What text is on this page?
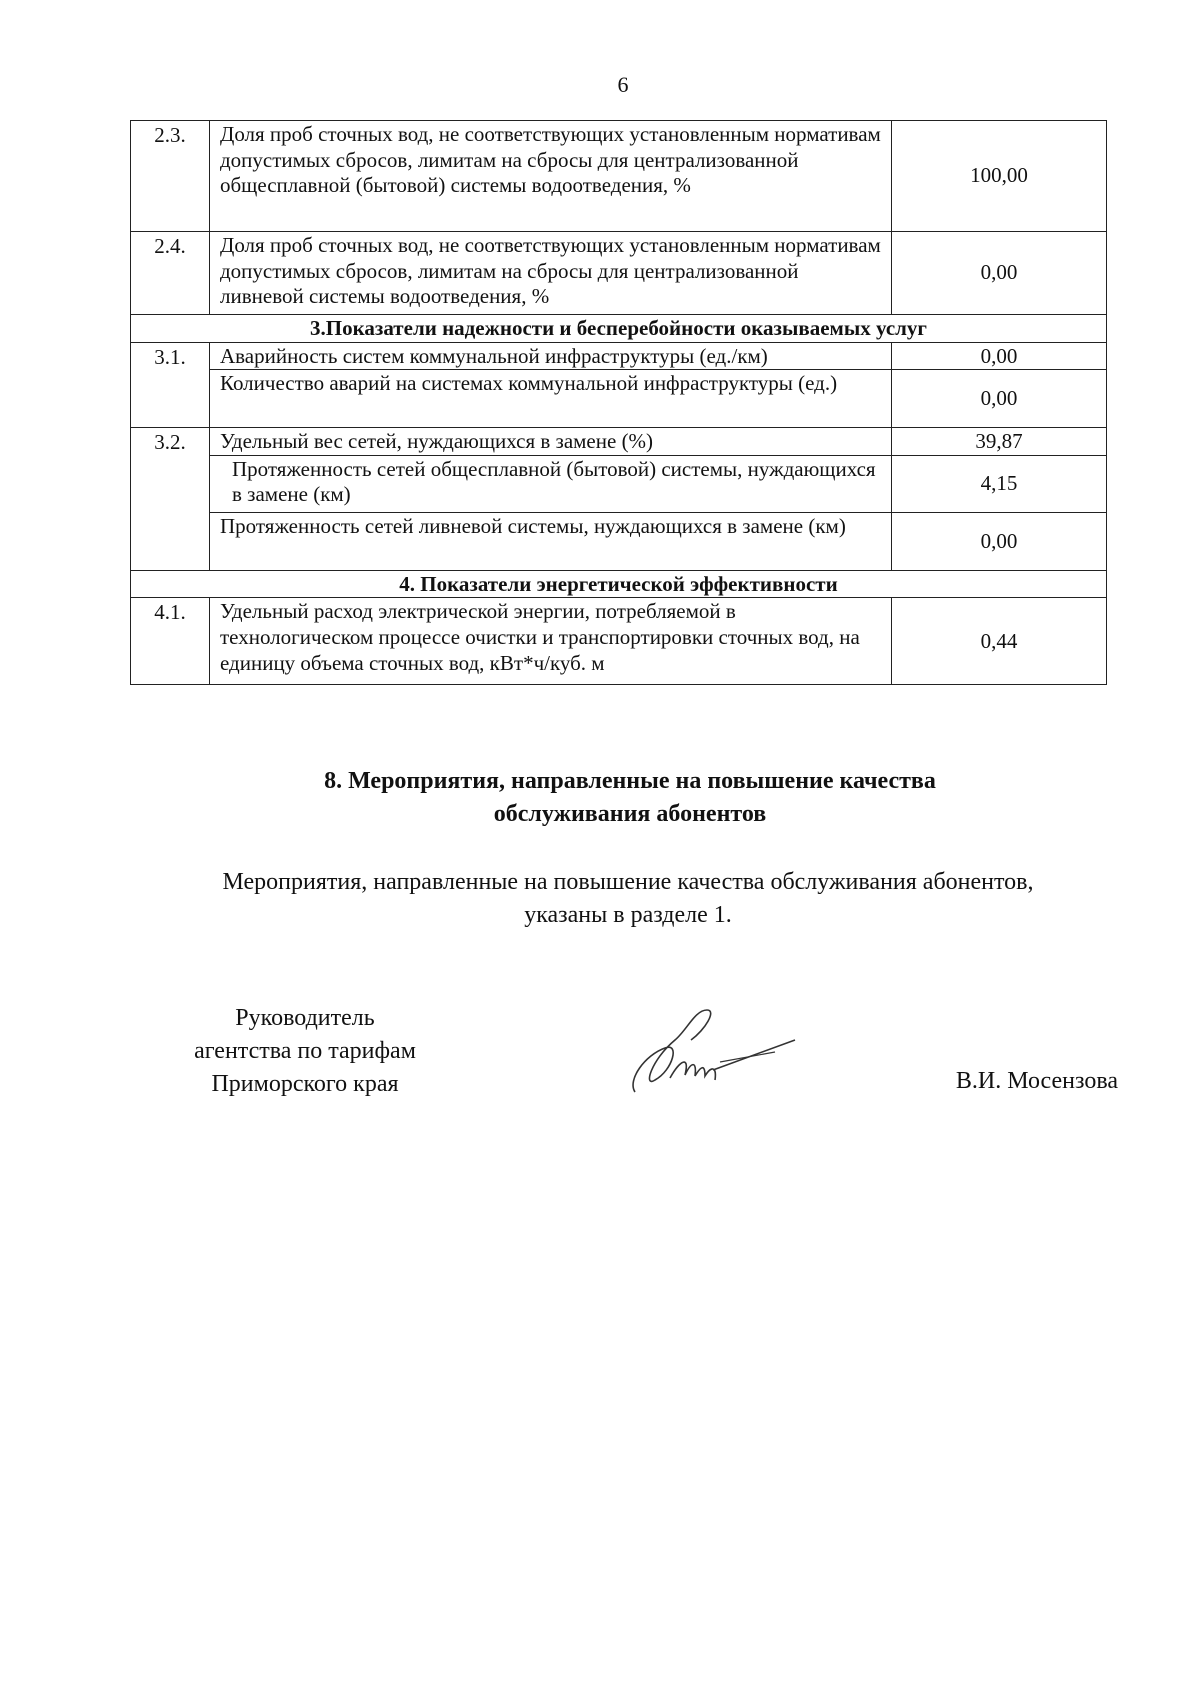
6
2.3.	Доля проб сточных вод, не соответствующих установленным нормативам допустимых сбросов, лимитам на сбросы для централизованной общесплавной (бытовой) системы водоотведения, %	100,00
2.4.	Доля проб сточных вод, не соответствующих установленным нормативам допустимых сбросов, лимитам на сбросы для централизованной ливневой системы водоотведения, %	0,00
3.Показатели надежности и бесперебойности оказываемых услуг		
3.1.	Аварийность систем коммунальной инфраструктуры (ед./км)	0,00
	Количество аварий на системах коммунальной инфраструктуры (ед.)	0,00
3.2.	Удельный вес сетей, нуждающихся в замене (%)	39,87
	Протяженность сетей общесплавной (бытовой) системы, нуждающихся в замене (км)	4,15
	Протяженность сетей ливневой системы, нуждающихся в замене (км)	0,00
4. Показатели энергетической эффективности		
4.1.	Удельный расход электрической энергии, потребляемой в технологическом процессе очистки и транспортировки сточных вод, на единицу объема сточных вод, кВт*ч/куб. м	0,44
8. Мероприятия, направленные на повышение качества
обслуживания абонентов
Мероприятия, направленные на повышение качества обслуживания абонентов,
указаны в разделе 1.
Руководитель
агентства по тарифам
Приморского края	В.И. Мосензова
